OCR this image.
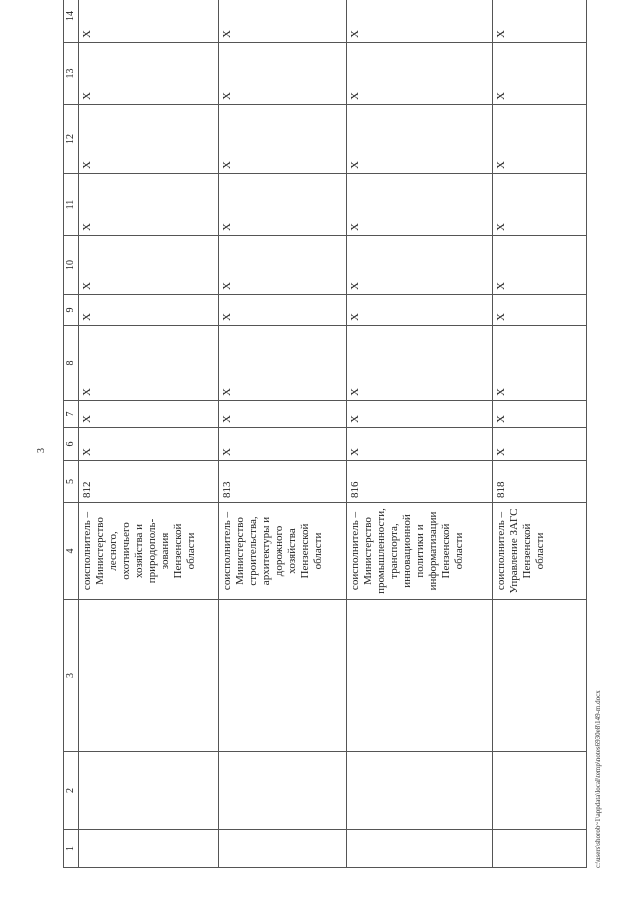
3
1	2	3	4	5	6	7	8	9	10	11	12	13	14
			соисполнитель – Министерство лесного, охотничьего хозяйства и природополь-зования Пензенской области	812	X	X	X	X	X	X	X	X	X
			соисполнитель – Министерство строительства, архитектуры и дорожного хозяйства Пензенской области	813	X	X	X	X	X	X	X	X	X
			соисполнитель – Министерство промышленности, транспорта, инновационной политики и информатизации Пензенской области	816	X	X	X	X	X	X	X	X	X
			соисполнитель – Управление ЗАГС Пензенской области	818	X	X	X	X	X	X	X	X	X
c:\users\shorob~1\appdata\local\temp\notes6930e8\149-m.docx
